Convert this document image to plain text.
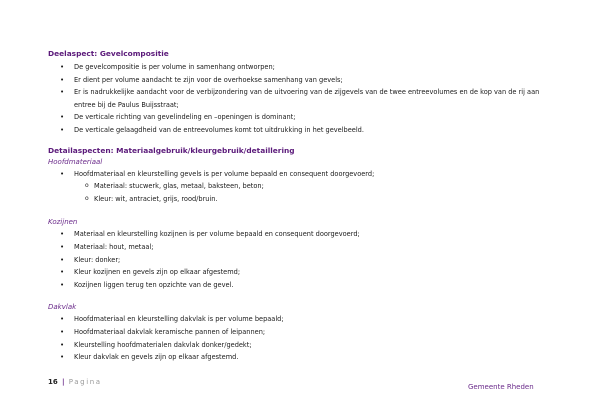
Deelaspect: Gevelcompositie
• De gevelcompositie is per volume in samenhang ontworpen;
• Er dient per volume aandacht te zijn voor de overhoekse samenhang van gevels;
• Er is nadrukkelijke aandacht voor de verbijzondering van de uitvoering van de zijgevels van de twee entreevolumes en de kop van de rij aan
entree bij de Paulus Buijsstraat;
• De verticale richting van gevelindeling en –openingen is dominant;
• De verticale gelaagdheid van de entreevolumes komt tot uitdrukking in het gevelbeeld.
Detailaspecten: Materiaalgebruik/kleurgebruik/detaillering
Hoofdmateriaal
• Hoofdmateriaal en kleurstelling gevels is per volume bepaald en consequent doorgevoerd;
o Materiaal: stucwerk, glas, metaal, baksteen, beton;
o Kleur: wit, antraciet, grijs, rood/bruin.
Kozijnen
• Materiaal en kleurstelling kozijnen is per volume bepaald en consequent doorgevoerd;
• Materiaal: hout, metaal;
• Kleur: donker;
• Kleur kozijnen en gevels zijn op elkaar afgestemd;
• Kozijnen liggen terug ten opzichte van de gevel.
Dakvlak
• Hoofdmateriaal en kleurstelling dakvlak is per volume bepaald;
• Hoofdmateriaal dakvlak keramische pannen of leipannen;
• Kleurstelling hoofdmaterialen dakvlak donker/gedekt;
• Kleur dakvlak en gevels zijn op elkaar afgestemd.
16 | Pagina
Gemeente Rheden
